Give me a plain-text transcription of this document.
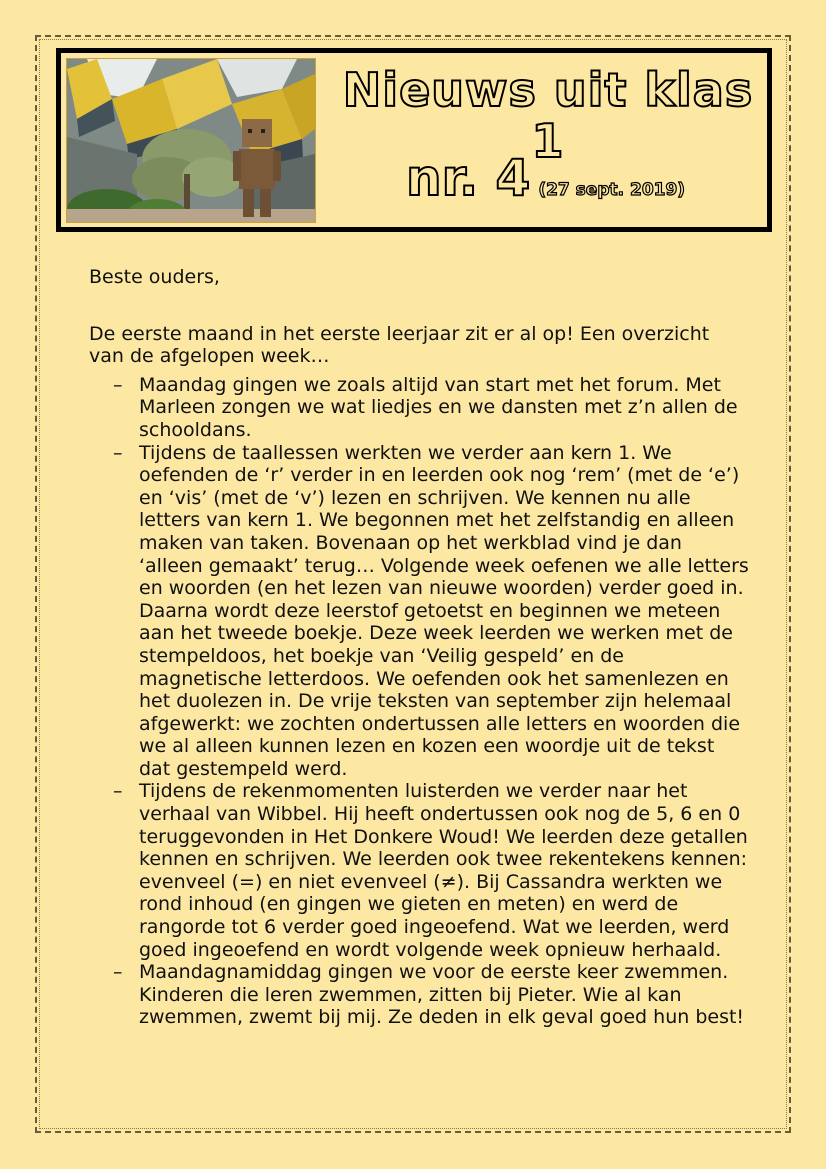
Nieuws uit klas 1
nr. 4 (27 sept. 2019)

Beste ouders,

De eerste maand in het eerste leerjaar zit er al op! Een overzicht van de afgelopen week…

– Maandag gingen we zoals altijd van start met het forum. Met Marleen zongen we wat liedjes en we dansten met z’n allen de schooldans.
– Tijdens de taallessen werkten we verder aan kern 1. We oefenden de ‘r’ verder in en leerden ook nog ‘rem’ (met de ‘e’) en ‘vis’ (met de ‘v’) lezen en schrijven. We kennen nu alle letters van kern 1. We begonnen met het zelfstandig en alleen maken van taken. Bovenaan op het werkblad vind je dan ‘alleen gemaakt’ terug… Volgende week oefenen we alle letters en woorden (en het lezen van nieuwe woorden) verder goed in. Daarna wordt deze leerstof getoetst en beginnen we meteen aan het tweede boekje. Deze week leerden we werken met de stempeldoos, het boekje van ‘Veilig gespeld’ en de magnetische letterdoos. We oefenden ook het samenlezen en het duolezen in. De vrije teksten van september zijn helemaal afgewerkt: we zochten ondertussen alle letters en woorden die we al alleen kunnen lezen en kozen een woordje uit de tekst dat gestempeld werd.
– Tijdens de rekenmomenten luisterden we verder naar het verhaal van Wibbel. Hij heeft ondertussen ook nog de 5, 6 en 0 teruggevonden in Het Donkere Woud! We leerden deze getallen kennen en schrijven. We leerden ook twee rekentekens kennen: evenveel (=) en niet evenveel (≠). Bij Cassandra werkten we rond inhoud (en gingen we gieten en meten) en werd de rangorde tot 6 verder goed ingeoefend. Wat we leerden, werd goed ingeoefend en wordt volgende week opnieuw herhaald.
– Maandagnamiddag gingen we voor de eerste keer zwemmen. Kinderen die leren zwemmen, zitten bij Pieter. Wie al kan zwemmen, zwemt bij mij. Ze deden in elk geval goed hun best!
